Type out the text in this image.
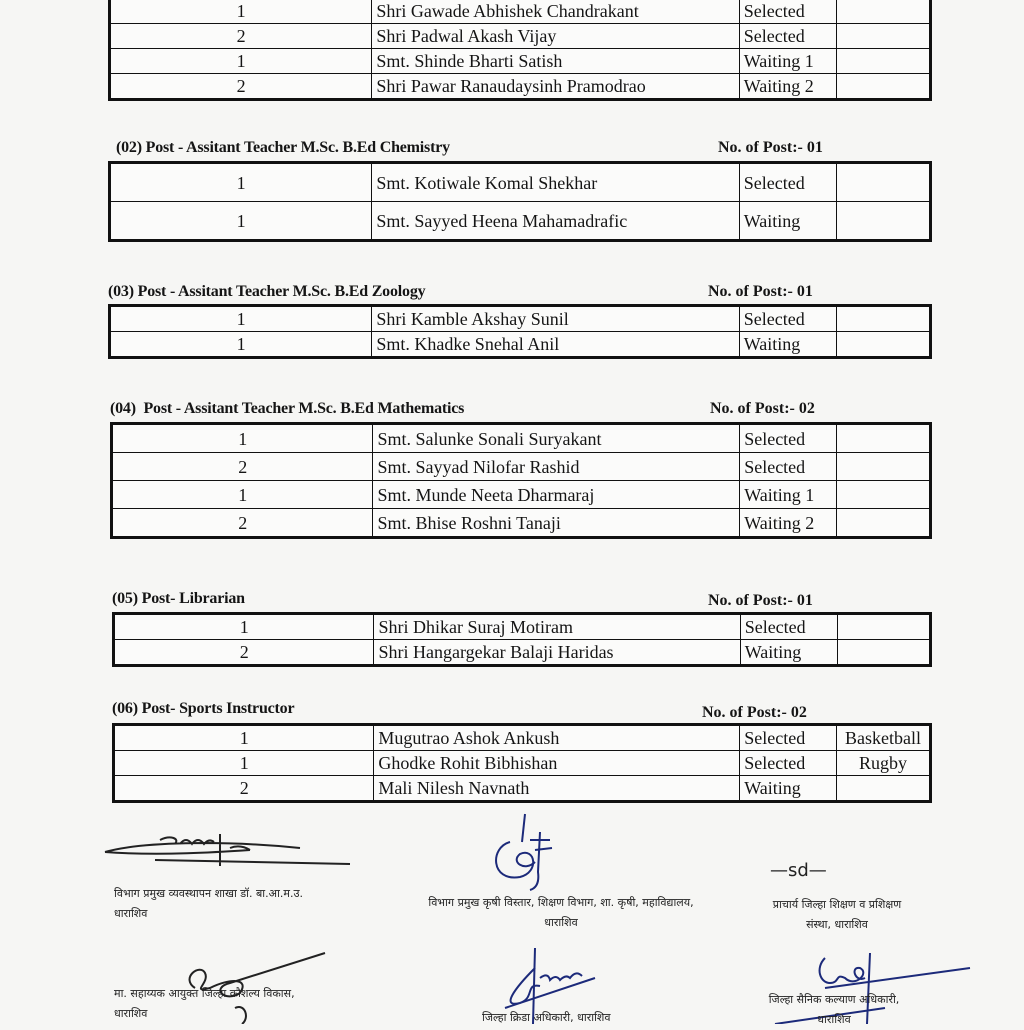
1	Shri Gawade Abhishek Chandrakant	Selected	
2	Shri Padwal Akash Vijay	Selected	
1	Smt. Shinde Bharti Satish	Waiting 1	
2	Shri Pawar Ranaudaysinh Pramodrao	Waiting 2	
(02) Post - Assitant Teacher M.Sc. B.Ed Chemistry	No. of Post:- 01
1	Smt. Kotiwale Komal Shekhar	Selected	
1	Smt. Sayyed Heena Mahamadrafic	Waiting	
(03) Post - Assitant Teacher M.Sc. B.Ed Zoology	No. of Post:- 01
1	Shri Kamble Akshay Sunil	Selected	
1	Smt. Khadke Snehal Anil	Waiting	
(04)  Post - Assitant Teacher M.Sc. B.Ed Mathematics	No. of Post:- 02
1	Smt. Salunke Sonali Suryakant	Selected	
2	Smt. Sayyad Nilofar Rashid	Selected	
1	Smt. Munde Neeta Dharmaraj	Waiting 1	
2	Smt. Bhise Roshni Tanaji	Waiting 2	
(05) Post- Librarian	No. of Post:- 01
1	Shri Dhikar Suraj Motiram	Selected	
2	Shri Hangargekar Balaji Haridas	Waiting	
(06) Post- Sports Instructor	No. of Post:- 02
1	Mugutrao Ashok Ankush	Selected	Basketball
1	Ghodke Rohit Bibhishan	Selected	Rugby
2	Mali Nilesh Navnath	Waiting	
विभाग प्रमुख व्यवस्थापन शाखा डॉ. बा.आ.म.उ.
धाराशिव
विभाग प्रमुख कृषी विस्तार, शिक्षण विभाग, शा. कृषी, महाविद्यालय,
धाराशिव
—sd—
प्राचार्य जिल्हा शिक्षण व प्रशिक्षण
संस्था, धाराशिव
मा. सहाय्यक आयुक्त जिल्हा कौशल्य विकास,
धाराशिव	जिल्हा क्रिडा अधिकारी, धाराशिव
जिल्हा सैनिक कल्याण अधिकारी,
धाराशिव
